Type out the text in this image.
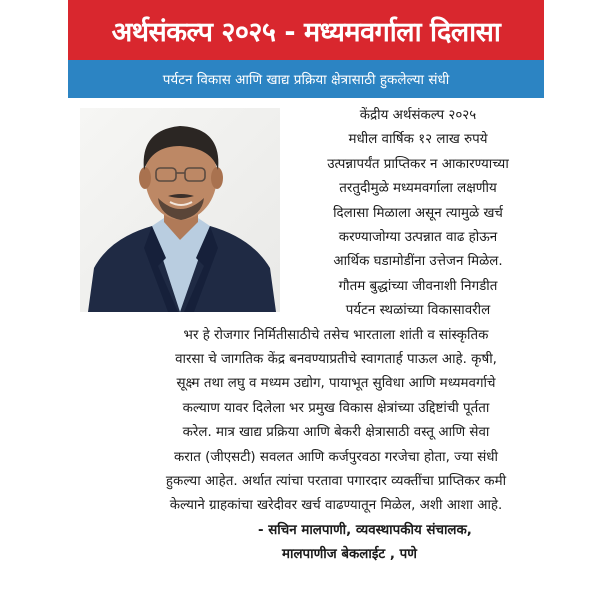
अर्थसंकल्प २०२५ - मध्यमवर्गाला दिलासा
पर्यटन विकास आणि खाद्य प्रक्रिया क्षेत्रासाठी हुकलेल्या संधी
केंद्रीय अर्थसंकल्प २०२५
मधील वार्षिक १२ लाख रुपये
उत्पन्नापर्यंत प्राप्तिकर न आकारण्याच्या
तरतुदीमुळे मध्यमवर्गाला लक्षणीय
दिलासा मिळाला असून त्यामुळे खर्च
करण्याजोग्या उत्पन्नात वाढ होऊन
आर्थिक घडामोडींना उत्तेजन मिळेल.
गौतम बुद्धांच्या जीवनाशी निगडीत
पर्यटन स्थळांच्या विकासावरील
भर हे रोजगार निर्मितीसाठीचे तसेच भारताला शांती व सांस्कृतिक
वारसा चे जागतिक केंद्र बनवण्याप्रतीचे स्वागतार्ह पाऊल आहे. कृषी,
सूक्ष्म तथा लघु व मध्यम उद्योग, पायाभूत सुविधा आणि मध्यमवर्गाचे
कल्याण यावर दिलेला भर प्रमुख विकास क्षेत्रांच्या उद्दिष्टांची पूर्तता
करेल. मात्र खाद्य प्रक्रिया आणि बेकरी क्षेत्रासाठी वस्तू आणि सेवा
करात (जीएसटी) सवलत आणि कर्जपुरवठा गरजेचा होता, ज्या संधी
हुकल्या आहेत. अर्थात त्यांचा परतावा पगारदार व्यक्तींचा प्राप्तिकर कमी
केल्याने ग्राहकांचा खरेदीवर खर्च वाढण्यातून मिळेल, अशी आशा आहे.
- सचिन मालपाणी, व्यवस्थापकीय संचालक,
मालपाणीज बेकलाईट , पणे
